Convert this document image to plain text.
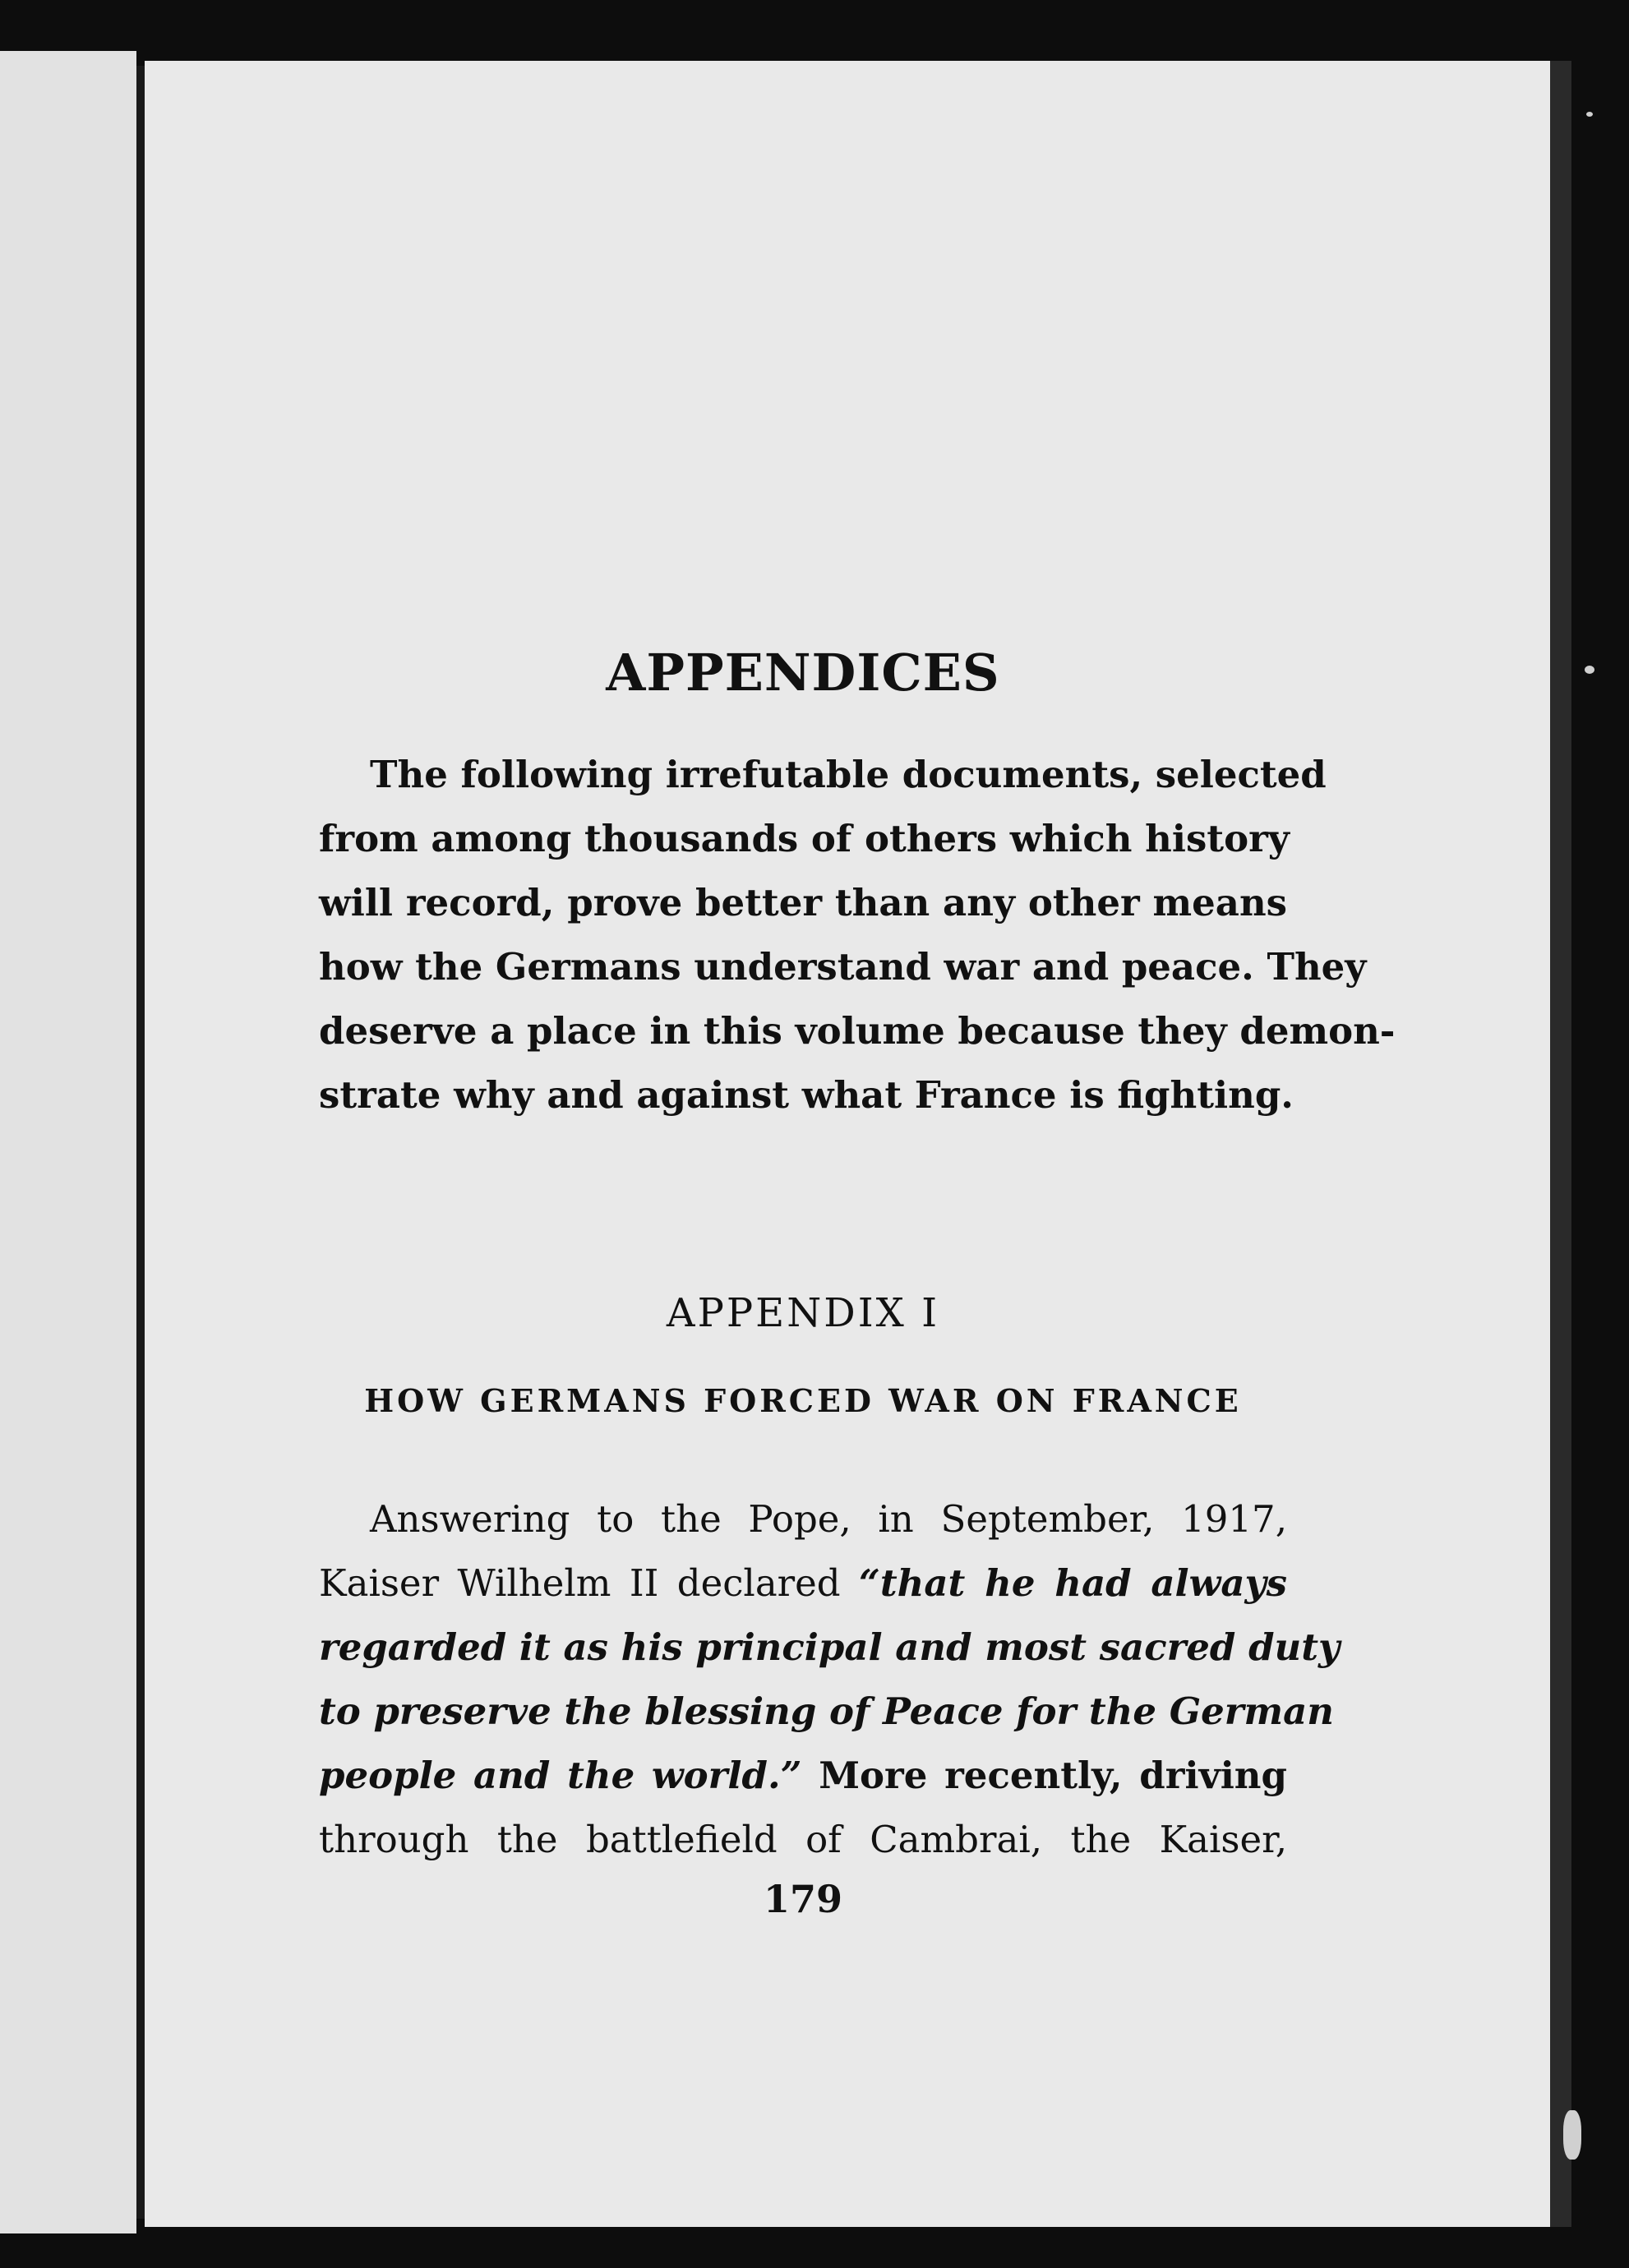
APPENDICES
The following irrefutable documents, selected
from among thousands of others which history
will record, prove better than any other means
how the Germans understand war and peace. They
deserve a place in this volume because they demon-
strate why and against what France is fighting.
APPENDIX I
HOW GERMANS FORCED WAR ON FRANCE
Answering to the Pope, in September, 1917,
Kaiser Wilhelm II declared “that he had always
regarded it as his principal and most sacred duty
to preserve the blessing of Peace for the German
people and the world.” More recently, driving
through the battlefield of Cambrai, the Kaiser,

179
